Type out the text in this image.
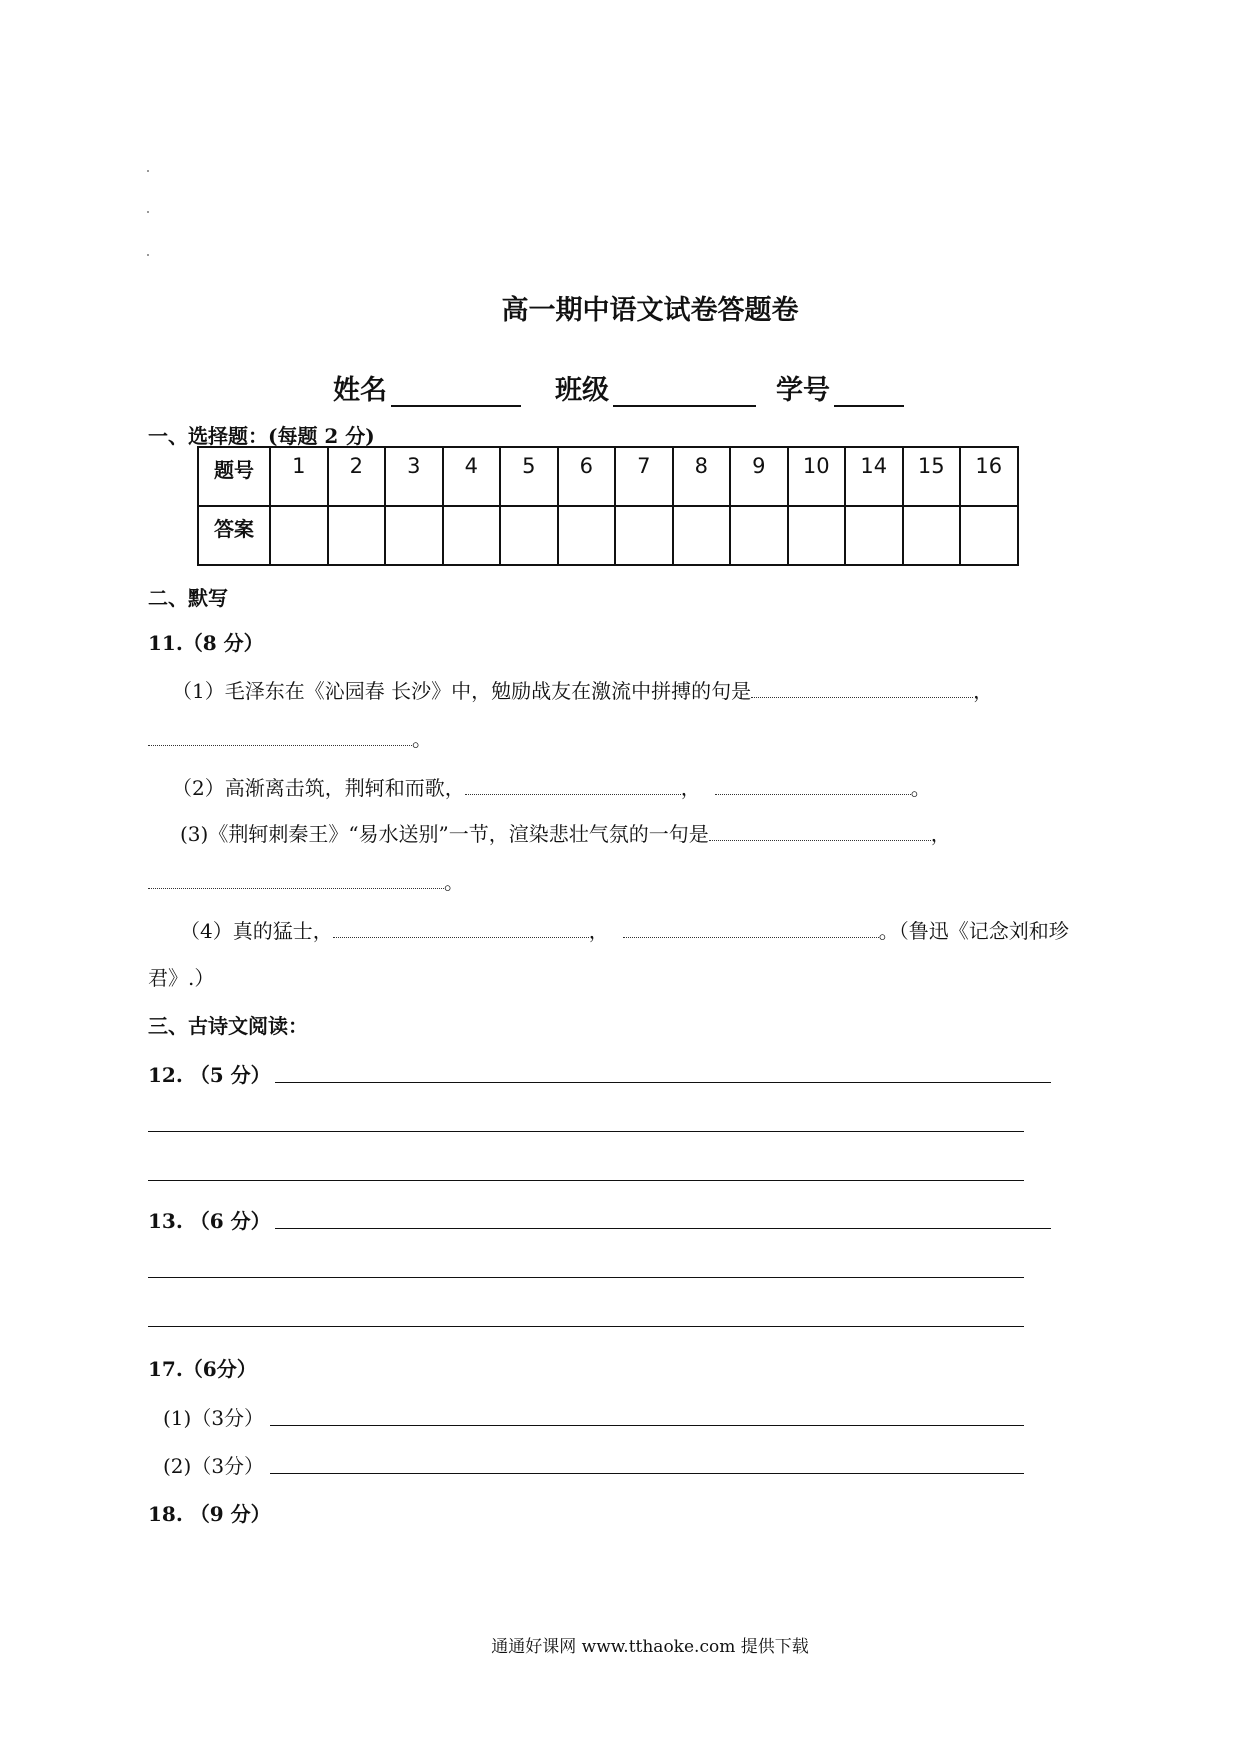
高一期中语文试卷答题卷
姓名	班级	学号
一、选择题：(每题 2 分)
题号	1	2	3	4	5	6	7	8	9	10	14	15	16
答案													
二、默写
11.（8 分）
（1）毛泽东在《沁园春 长沙》中，勉励战友在激流中拼搏的句是	，
。
（2）高渐离击筑，荆轲和而歌，	，	。
(3)《荆轲刺秦王》“易水送别”一节，渲染悲壮气氛的一句是	，
。
（4）真的猛士，	，	。（鲁迅《记念刘和珍
君》.）
三、古诗文阅读：
12. （5 分）
13. （6 分）
17.（6分）
(1)（3分）
(2)（3分）
18. （9 分）
通通好课网 www.tthaoke.com 提供下载
